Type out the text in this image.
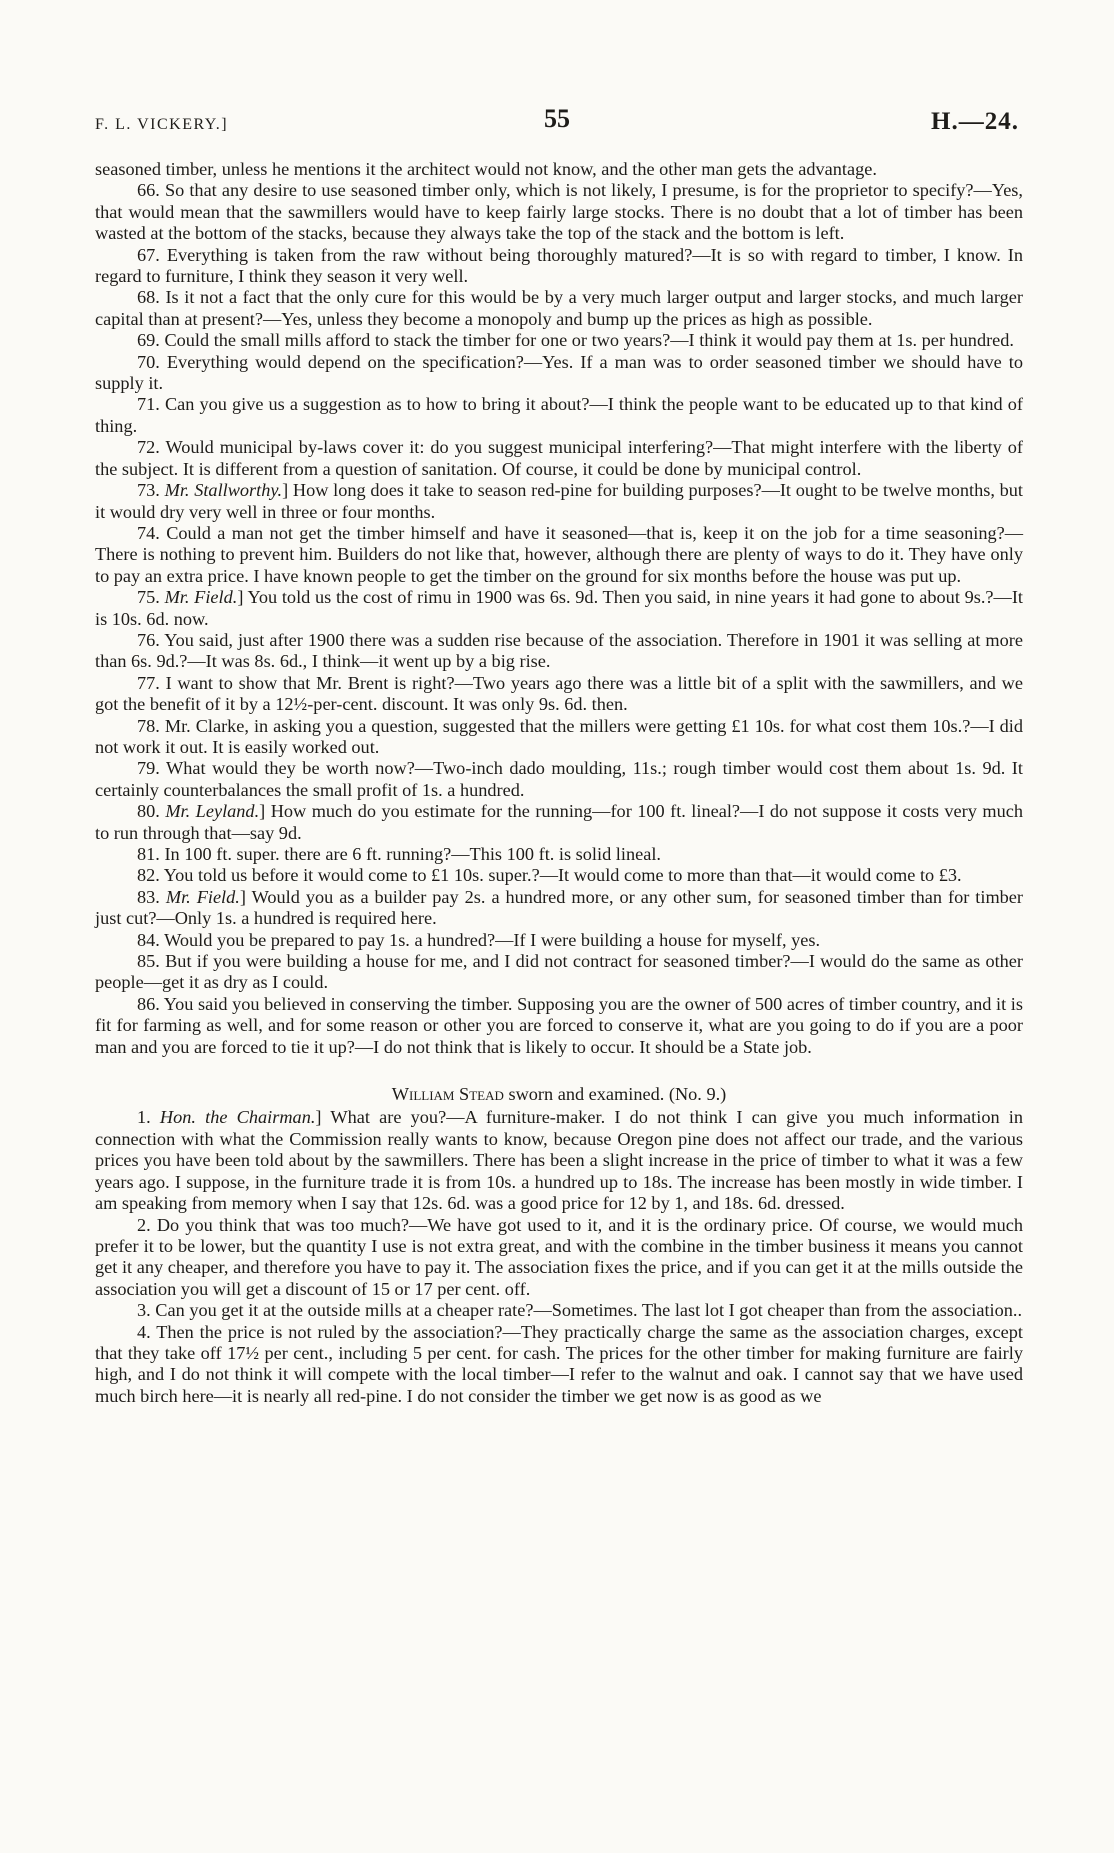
F. L. VICKERY.]	55	H.—24.

seasoned timber, unless he mentions it the architect would not know, and the other man gets the advantage.

66. So that any desire to use seasoned timber only, which is not likely, I presume, is for the proprietor to specify?—Yes, that would mean that the sawmillers would have to keep fairly large stocks. There is no doubt that a lot of timber has been wasted at the bottom of the stacks, because they always take the top of the stack and the bottom is left.

67. Everything is taken from the raw without being thoroughly matured?—It is so with regard to timber, I know. In regard to furniture, I think they season it very well.

68. Is it not a fact that the only cure for this would be by a very much larger output and larger stocks, and much larger capital than at present?—Yes, unless they become a monopoly and bump up the prices as high as possible.

69. Could the small mills afford to stack the timber for one or two years?—I think it would pay them at 1s. per hundred.

70. Everything would depend on the specification?—Yes. If a man was to order seasoned timber we should have to supply it.

71. Can you give us a suggestion as to how to bring it about?—I think the people want to be educated up to that kind of thing.

72. Would municipal by-laws cover it: do you suggest municipal interfering?—That might interfere with the liberty of the subject. It is different from a question of sanitation. Of course, it could be done by municipal control.

73. Mr. Stallworthy.] How long does it take to season red-pine for building purposes?—It ought to be twelve months, but it would dry very well in three or four months.

74. Could a man not get the timber himself and have it seasoned—that is, keep it on the job for a time seasoning?—There is nothing to prevent him. Builders do not like that, however, although there are plenty of ways to do it. They have only to pay an extra price. I have known people to get the timber on the ground for six months before the house was put up.

75. Mr. Field.] You told us the cost of rimu in 1900 was 6s. 9d. Then you said, in nine years it had gone to about 9s.?—It is 10s. 6d. now.

76. You said, just after 1900 there was a sudden rise because of the association. Therefore in 1901 it was selling at more than 6s. 9d.?—It was 8s. 6d., I think—it went up by a big rise.

77. I want to show that Mr. Brent is right?—Two years ago there was a little bit of a split with the sawmillers, and we got the benefit of it by a 12½-per-cent. discount. It was only 9s. 6d. then.

78. Mr. Clarke, in asking you a question, suggested that the millers were getting £1 10s. for what cost them 10s.?—I did not work it out. It is easily worked out.

79. What would they be worth now?—Two-inch dado moulding, 11s.; rough timber would cost them about 1s. 9d. It certainly counterbalances the small profit of 1s. a hundred.

80. Mr. Leyland.] How much do you estimate for the running—for 100 ft. lineal?—I do not suppose it costs very much to run through that—say 9d.

81. In 100 ft. super. there are 6 ft. running?—This 100 ft. is solid lineal.

82. You told us before it would come to £1 10s. super.?—It would come to more than that—it would come to £3.

83. Mr. Field.] Would you as a builder pay 2s. a hundred more, or any other sum, for seasoned timber than for timber just cut?—Only 1s. a hundred is required here.

84. Would you be prepared to pay 1s. a hundred?—If I were building a house for myself, yes.

85. But if you were building a house for me, and I did not contract for seasoned timber?—I would do the same as other people—get it as dry as I could.

86. You said you believed in conserving the timber. Supposing you are the owner of 500 acres of timber country, and it is fit for farming as well, and for some reason or other you are forced to conserve it, what are you going to do if you are a poor man and you are forced to tie it up?—I do not think that is likely to occur. It should be a State job.

William Stead sworn and examined. (No. 9.)

1. Hon. the Chairman.] What are you?—A furniture-maker. I do not think I can give you much information in connection with what the Commission really wants to know, because Oregon pine does not affect our trade, and the various prices you have been told about by the sawmillers. There has been a slight increase in the price of timber to what it was a few years ago. I suppose, in the furniture trade it is from 10s. a hundred up to 18s. The increase has been mostly in wide timber. I am speaking from memory when I say that 12s. 6d. was a good price for 12 by 1, and 18s. 6d. dressed.

2. Do you think that was too much?—We have got used to it, and it is the ordinary price. Of course, we would much prefer it to be lower, but the quantity I use is not extra great, and with the combine in the timber business it means you cannot get it any cheaper, and therefore you have to pay it. The association fixes the price, and if you can get it at the mills outside the association you will get a discount of 15 or 17 per cent. off.

3. Can you get it at the outside mills at a cheaper rate?—Sometimes. The last lot I got cheaper than from the association..

4. Then the price is not ruled by the association?—They practically charge the same as the association charges, except that they take off 17½ per cent., including 5 per cent. for cash. The prices for the other timber for making furniture are fairly high, and I do not think it will compete with the local timber—I refer to the walnut and oak. I cannot say that we have used much birch here—it is nearly all red-pine. I do not consider the timber we get now is as good as we
